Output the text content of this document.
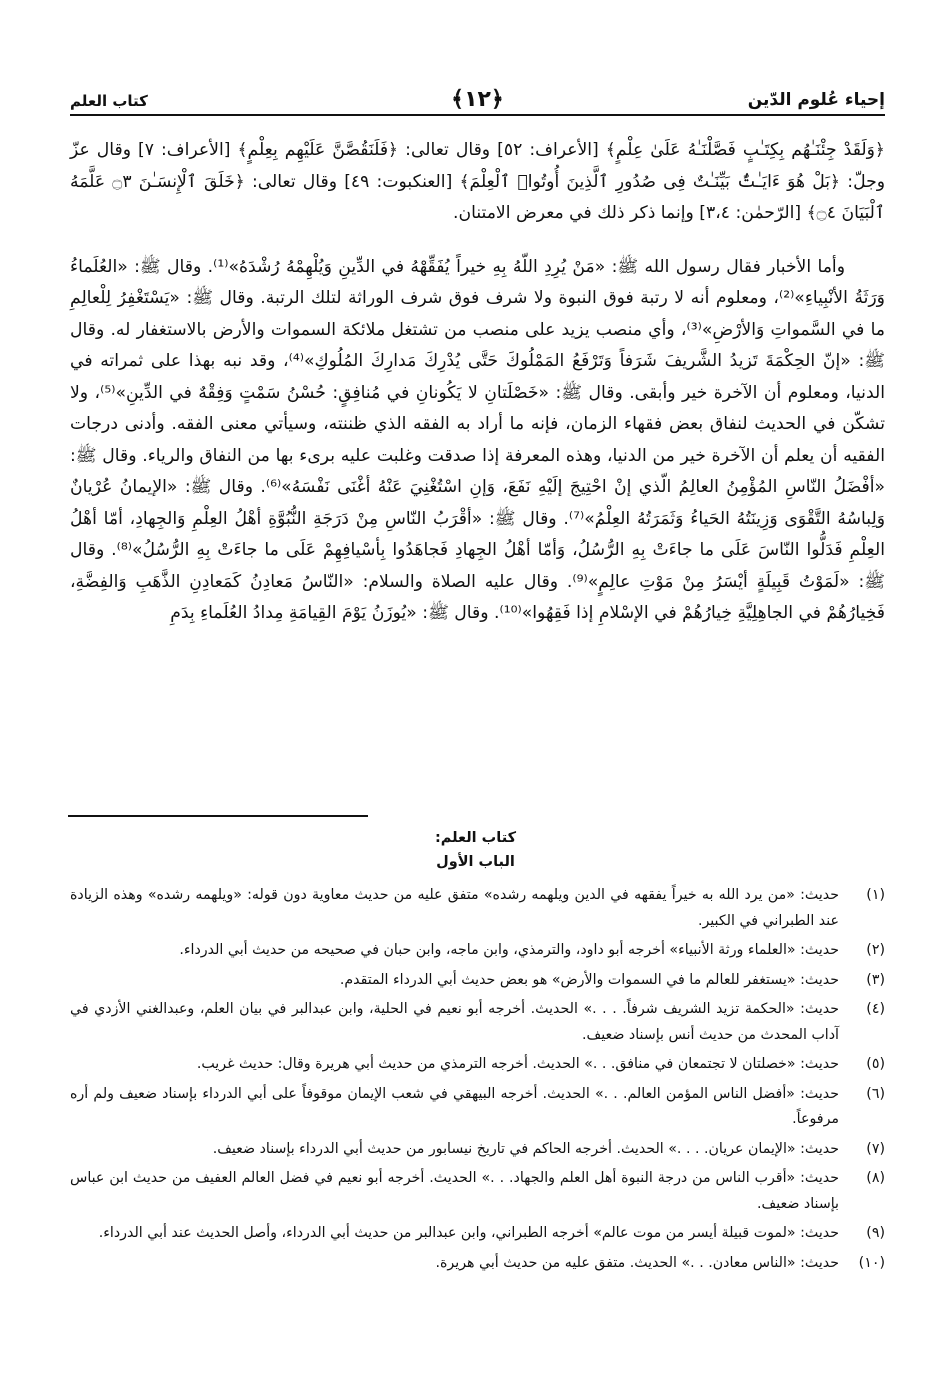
إحياء عُلوم الدّين
﴿١٢﴾
كتاب العلم

﴿وَلَقَدْ جِئْنَـٰهُم بِكِتَـٰبٍ فَصَّلْنَـٰهُ عَلَىٰ عِلْمٍ﴾ [الأعراف: ٥٢] وقال تعالى: ﴿فَلَنَقُصَّنَّ عَلَيْهِم بِعِلْمٍ﴾ [الأعراف: ٧] وقال عزّ وجلّ: ﴿بَلْ هُوَ ءَايَـٰتٌۢ بَيِّنَـٰتٌ فِى صُدُورِ ٱلَّذِينَ أُوتُوا۟ ٱلْعِلْمَ﴾ [العنكبوت: ٤٩] وقال تعالى: ﴿خَلَقَ ٱلْإِنسَـٰنَ ۝٣ عَلَّمَهُ ٱلْبَيَانَ ۝٤﴾ [الرّحمٰن: ٣،٤] وإنما ذكر ذلك في معرض الامتنان.

وأما الأخبار فقال رسول الله ﷺ: «مَنْ يُرِدِ اللّهُ بِهِ خيراً يُفَقِّهْهُ في الدِّينِ وَيُلْهِمْهُ رُشْدَهُ»⁽¹⁾. وقال ﷺ: «العُلَماءُ وَرَثَةُ الأنْبِياءِ»⁽²⁾، ومعلوم أنه لا رتبة فوق النبوة ولا شرف فوق شرف الوراثة لتلك الرتبة. وقال ﷺ: «يَسْتَغْفِرُ لِلْعالِمِ ما في السَّمواتِ وَالأرْضِ»⁽³⁾، وأي منصب يزيد على منصب من تشتغل ملائكة السموات والأرض بالاستغفار له. وقال ﷺ: «إنّ الحِكْمَةَ تَزيدُ الشَّريفَ شَرَفاً وَتَرْفَعُ المَمْلُوكَ حَتَّى يُدْرِكَ مَدارِكَ المُلُوكِ»⁽⁴⁾، وقد نبه بهذا على ثمراته في الدنيا، ومعلوم أن الآخرة خير وأبقى. وقال ﷺ: «خَصْلَتانِ لا يَكُونانِ في مُنافِقٍ: حُسْنُ سَمْتٍ وَفِقْهٌ في الدِّينِ»⁽⁵⁾، ولا تشكّن في الحديث لنفاق بعض فقهاء الزمان، فإنه ما أراد به الفقه الذي ظننته، وسيأتي معنى الفقه. وأدنى درجات الفقيه أن يعلم أن الآخرة خير من الدنيا، وهذه المعرفة إذا صدقت وغلبت عليه برىء بها من النفاق والرياء. وقال ﷺ: «أفْضَلُ النّاسِ المُؤْمِنُ العالِمُ الّذي إنْ احْتِيجَ إلَيْهِ نَفَعَ، وَإنِ اسْتُغْنِيَ عَنْهُ أغْنَى نَفْسَهُ»⁽⁶⁾. وقال ﷺ: «الإيمانُ عُرْيانٌ وَلِباسُهُ التَّقْوَى وَزِينَتُهُ الحَياءُ وَثَمَرَتُهُ العِلْمُ»⁽⁷⁾. وقال ﷺ: «أقْرَبُ النّاسِ مِنْ دَرَجَةِ النُّبُوَّةِ أهْلُ العِلْمِ وَالجِهادِ، أمّا أهْلُ العِلْمِ فَدَلُّوا النّاسَ عَلَى ما جاءَتْ بِهِ الرُّسُلُ، وَأمّا أهْلُ الجِهادِ فَجاهَدُوا بِأسْيافِهِمْ عَلَى ما جاءَتْ بِهِ الرُّسُلُ»⁽⁸⁾. وقال ﷺ: «لَمَوْتُ قَبِيلَةٍ أيْسَرُ مِنْ مَوْتِ عالِمٍ»⁽⁹⁾. وقال عليه الصلاة والسلام: «النّاسُ مَعادِنُ كَمَعادِنِ الذَّهَبِ وَالفِضَّةِ، فَخِيارُهُمْ في الجاهِلِيَّةِ خِيارُهُمْ في الإسْلامِ إذا فَقِهُوا»⁽¹⁰⁾. وقال ﷺ: «يُوزَنُ يَوْمَ القِيامَةِ مِدادُ العُلَماءِ بِدَمِ

كتاب العلم:
الباب الأول
(١)
حديث: «من يرد الله به خيراً يفقهه في الدين ويلهمه رشده» متفق عليه من حديث معاوية دون قوله: «ويلهمه رشده» وهذه الزيادة عند الطبراني في الكبير.
(٢)
حديث: «العلماء ورثة الأنبياء» أخرجه أبو داود، والترمذي، وابن ماجه، وابن حبان في صحيحه من حديث أبي الدرداء.
(٣)
حديث: «يستغفر للعالم ما في السموات والأرض» هو بعض حديث أبي الدرداء المتقدم.
(٤)
حديث: «الحكمة تزيد الشريف شرفاً. . . .» الحديث. أخرجه أبو نعيم في الحلية، وابن عبدالبر في بيان العلم، وعبدالغني الأزدي في آداب المحدث من حديث أنس بإسناد ضعيف.
(٥)
حديث: «خصلتان لا تجتمعان في منافق. . .» الحديث. أخرجه الترمذي من حديث أبي هريرة وقال: حديث غريب.
(٦)
حديث: «أفضل الناس المؤمن العالم. . .» الحديث. أخرجه البيهقي في شعب الإيمان موقوفاً على أبي الدرداء بإسناد ضعيف ولم أره مرفوعاً.
(٧)
حديث: «الإيمان عريان. . . .» الحديث. أخرجه الحاكم في تاريخ نيسابور من حديث أبي الدرداء بإسناد ضعيف.
(٨)
حديث: «أقرب الناس من درجة النبوة أهل العلم والجهاد. . .» الحديث. أخرجه أبو نعيم في فضل العالم العفيف من حديث ابن عباس بإسناد ضعيف.
(٩)
حديث: «لموت قبيلة أيسر من موت عالم» أخرجه الطبراني، وابن عبدالبر من حديث أبي الدرداء، وأصل الحديث عند أبي الدرداء.
(١٠)
حديث: «الناس معادن. . .» الحديث. متفق عليه من حديث أبي هريرة.
